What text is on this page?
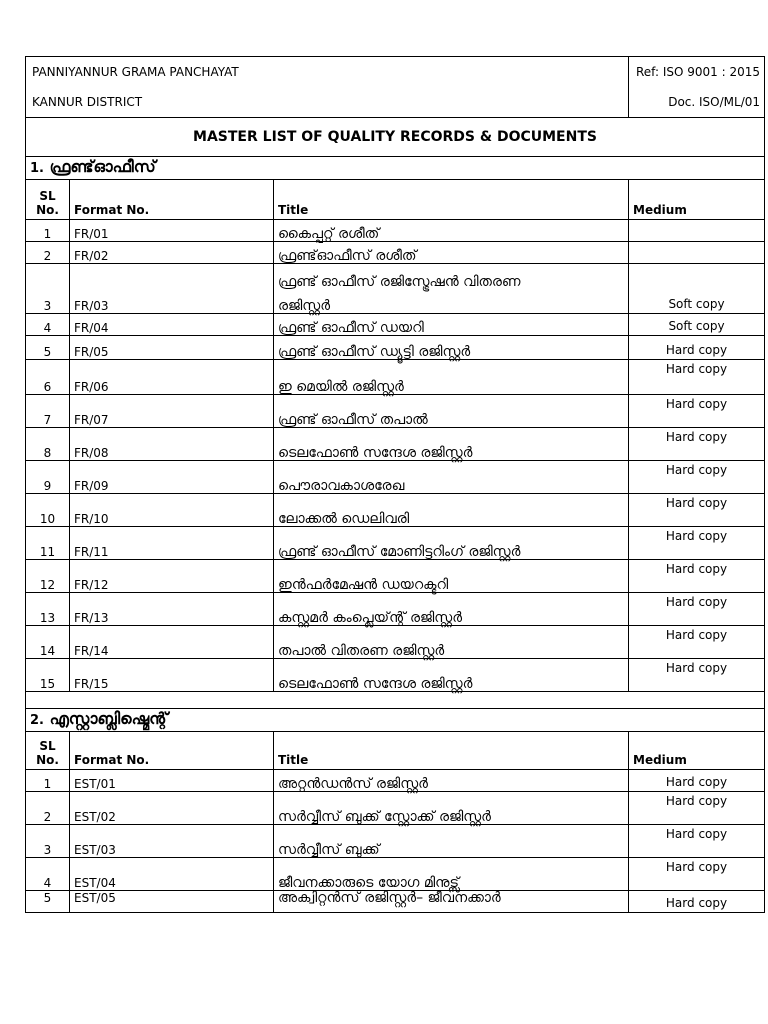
PANNIYANNUR GRAMA PANCHAYAT			Ref: ISO 9001 : 2015
KANNUR DISTRICT			Doc. ISO/ML/01
MASTER LIST OF QUALITY RECORDS & DOCUMENTS			
1. ഫ്രണ്ട്ഓഫീസ്			

SL
No.	Format No.	Title	Medium
1	FR/01	കൈപ്പറ്റ് രശീത്	
2	FR/02	ഫ്രണ്ട്ഓഫീസ് രശീത്	
3	FR/03	ഫ്രണ്ട് ഓഫീസ് രജിസ്ട്രേഷൻ വിതരണ
രജിസ്റ്റർ	Soft copy
4	FR/04	ഫ്രണ്ട് ഓഫീസ് ഡയറി	Soft copy
5	FR/05	ഫ്രണ്ട് ഓഫീസ് ഡ്യൂട്ടി രജിസ്റ്റർ	Hard copy
6	FR/06	ഇ മെയിൽ രജിസ്റ്റർ	Hard copy
7	FR/07	ഫ്രണ്ട് ഓഫീസ് തപാൽ	Hard copy
8	FR/08	ടെലഫോൺ സന്ദേശ രജിസ്റ്റർ	Hard copy
9	FR/09	പൌരാവകാശരേഖ	Hard copy
10	FR/10	ലോക്കൽ ഡെലിവരി	Hard copy
11	FR/11	ഫ്രണ്ട് ഓഫീസ് മോണിട്ടറിംഗ് രജിസ്റ്റർ	Hard copy
12	FR/12	ഇൻഫർമേഷൻ ഡയറക്ടറി	Hard copy
13	FR/13	കസ്റ്റമർ കംപ്ലെയ്ന്റ് രജിസ്റ്റർ	Hard copy
14	FR/14	തപാൽ വിതരണ രജിസ്റ്റർ	Hard copy
15	FR/15	ടെലഫോൺ സന്ദേശ രജിസ്റ്റർ	Hard copy

2. എസ്റ്റാബ്ലിഷ്മെന്റ്			

SL
No.	Format No.	Title	Medium
1	EST/01	അറ്റൻഡൻസ് രജിസ്റ്റർ	Hard copy
2	EST/02	സർവ്വീസ് ബുക്ക് സ്റ്റോക്ക് രജിസ്റ്റർ	Hard copy
3	EST/03	സർവ്വീസ് ബുക്ക്	Hard copy
4	EST/04	ജീവനക്കാരുടെ യോഗ മിനുട്സ്	Hard copy
5	EST/05	അക്വിറ്റൻസ് രജിസ്റ്റർ– ജീവനക്കാർ	Hard copy
